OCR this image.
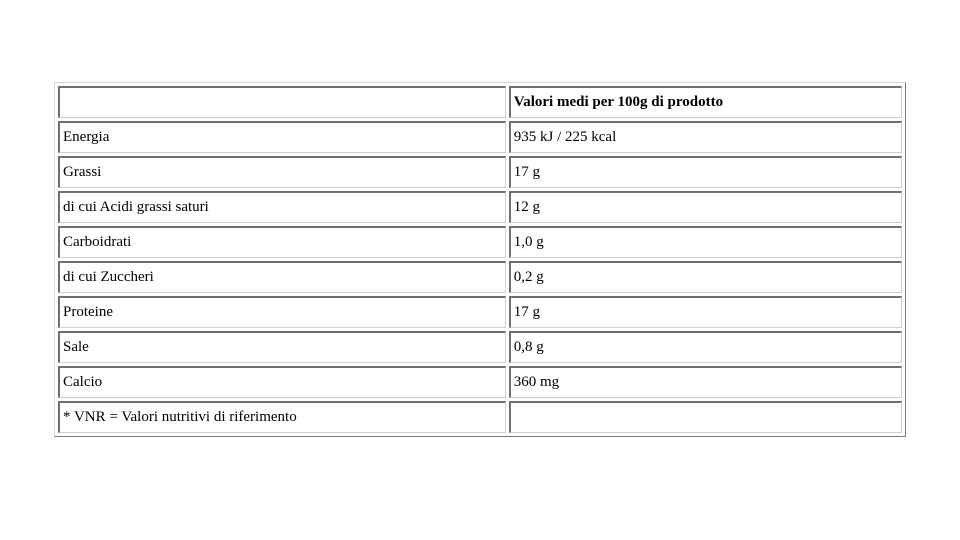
	Valori medi per 100g di prodotto
Energia	935 kJ / 225 kcal
Grassi	17 g
di cui Acidi grassi saturi	12 g
Carboidrati	1,0 g
di cui Zuccheri	0,2 g
Proteine	17 g
Sale	0,8 g
Calcio	360 mg
* VNR = Valori nutritivi di riferimento	
